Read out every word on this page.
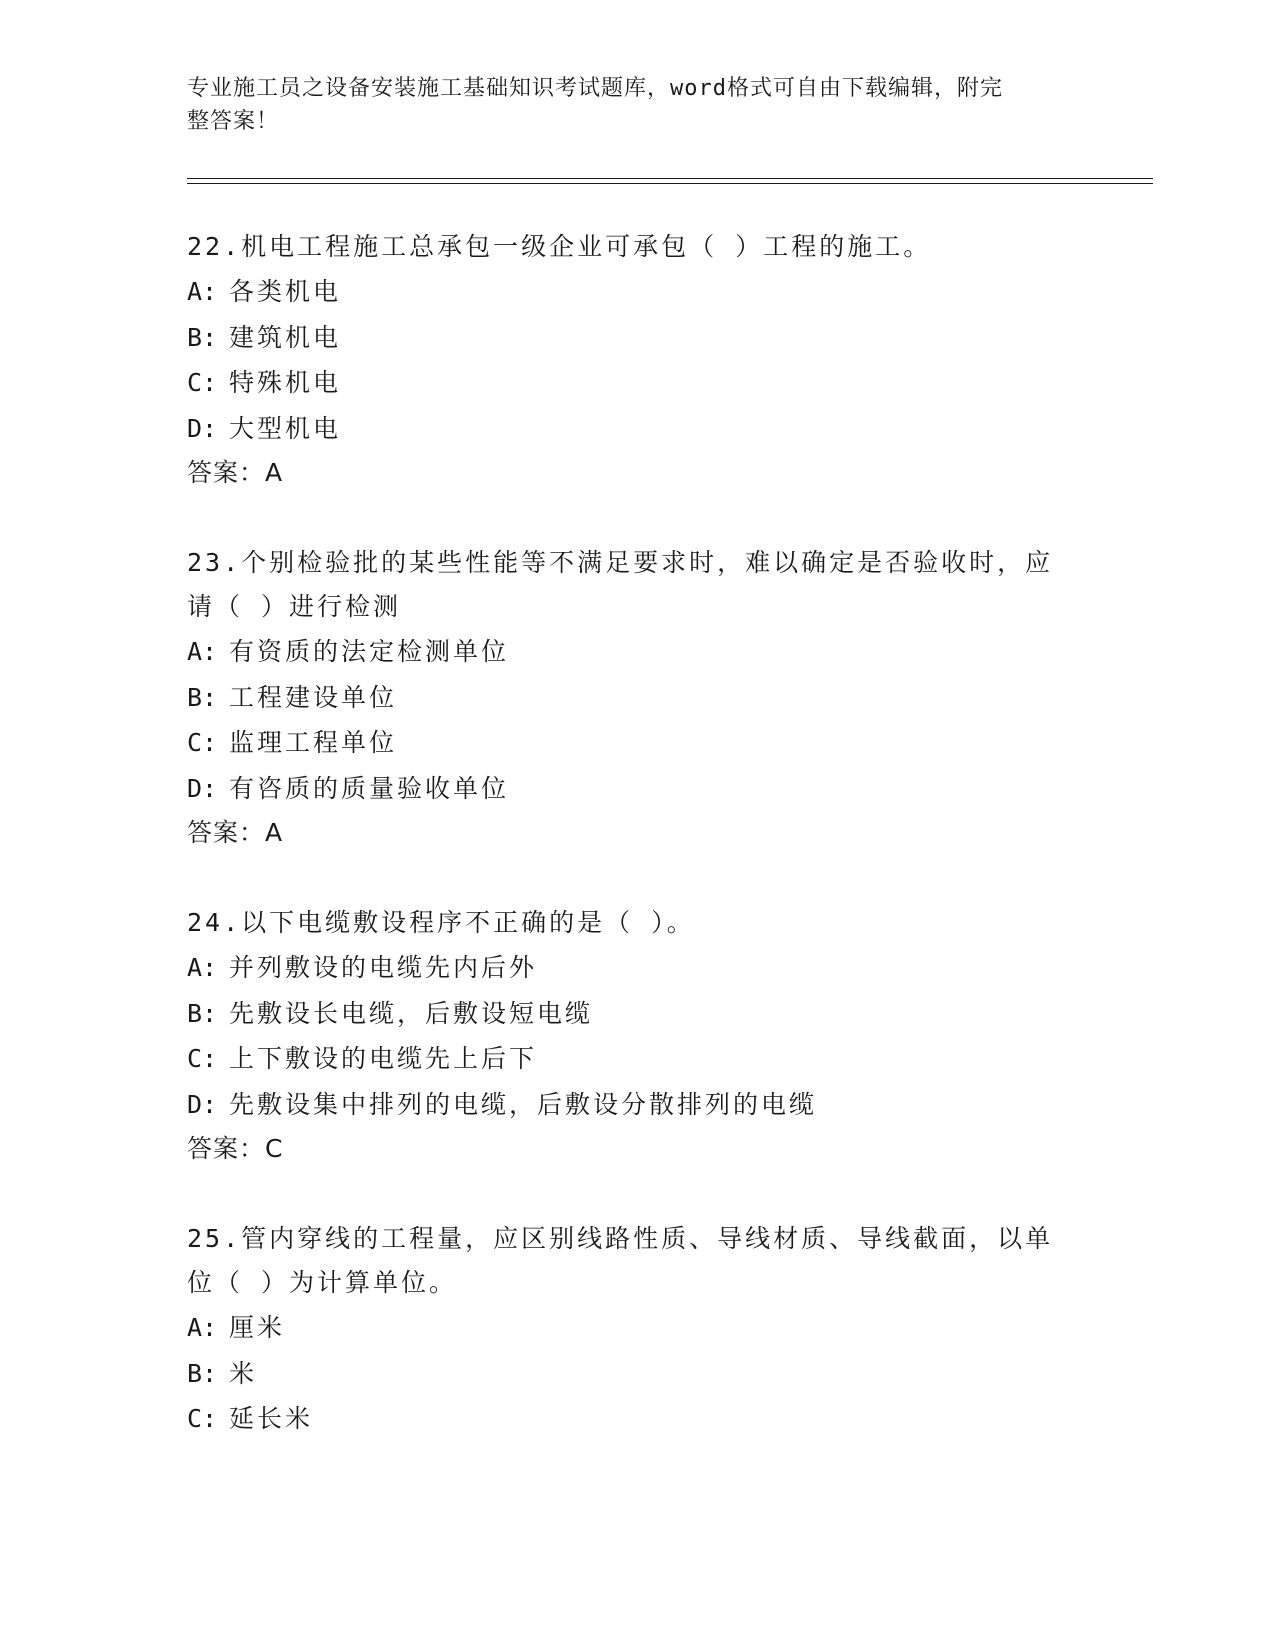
专业施工员之设备安装施工基础知识考试题库，word格式可自由下载编辑，附完
整答案！
22.机电工程施工总承包一级企业可承包（ ）工程的施工。
A: 各类机电
B: 建筑机电
C: 特殊机电
D: 大型机电
答案：A
23.个别检验批的某些性能等不满足要求时，难以确定是否验收时，应
请（ ）进行检测
A: 有资质的法定检测单位
B: 工程建设单位
C: 监理工程单位
D: 有咨质的质量验收单位
答案：A
24.以下电缆敷设程序不正确的是（ ）。
A: 并列敷设的电缆先内后外
B: 先敷设长电缆，后敷设短电缆
C: 上下敷设的电缆先上后下
D: 先敷设集中排列的电缆，后敷设分散排列的电缆
答案：C
25.管内穿线的工程量，应区别线路性质、导线材质、导线截面，以单
位（ ）为计算单位。
A: 厘米
B: 米
C: 延长米
